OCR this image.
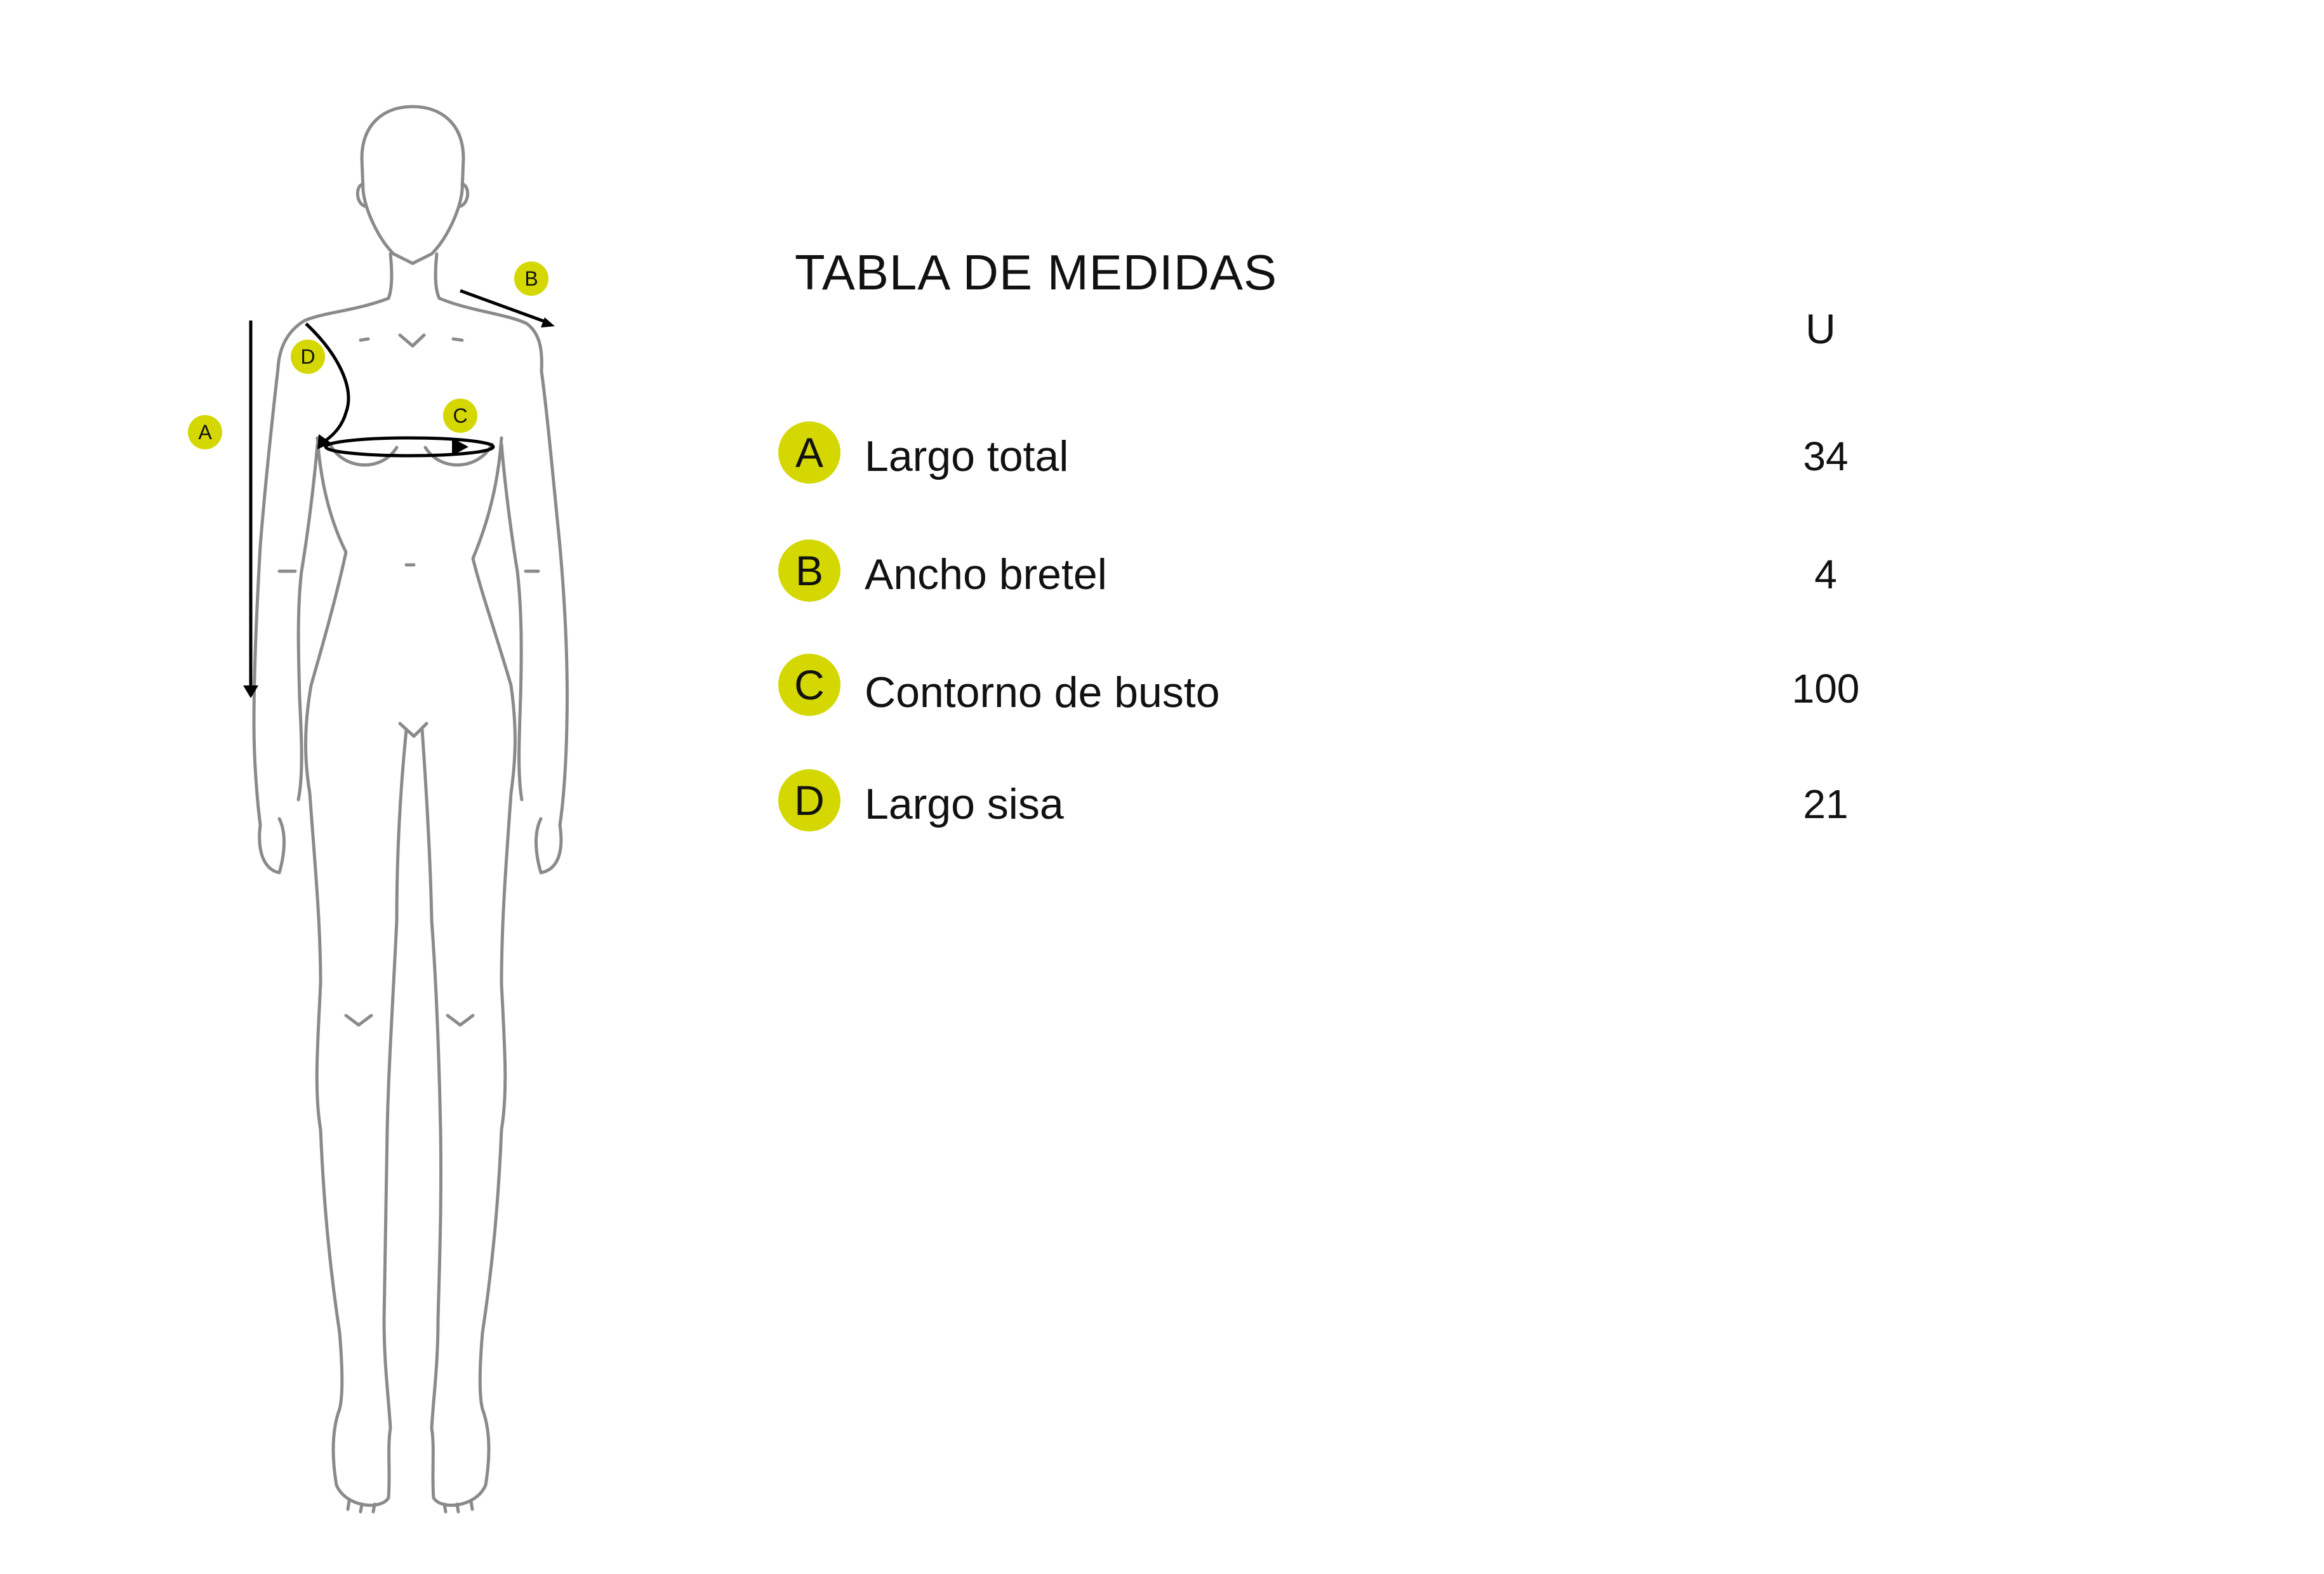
A
B
C
D
TABLA DE MEDIDAS
U
A Largo total	34
B Ancho bretel	4
C Contorno de busto	100
D Largo sisa	21
